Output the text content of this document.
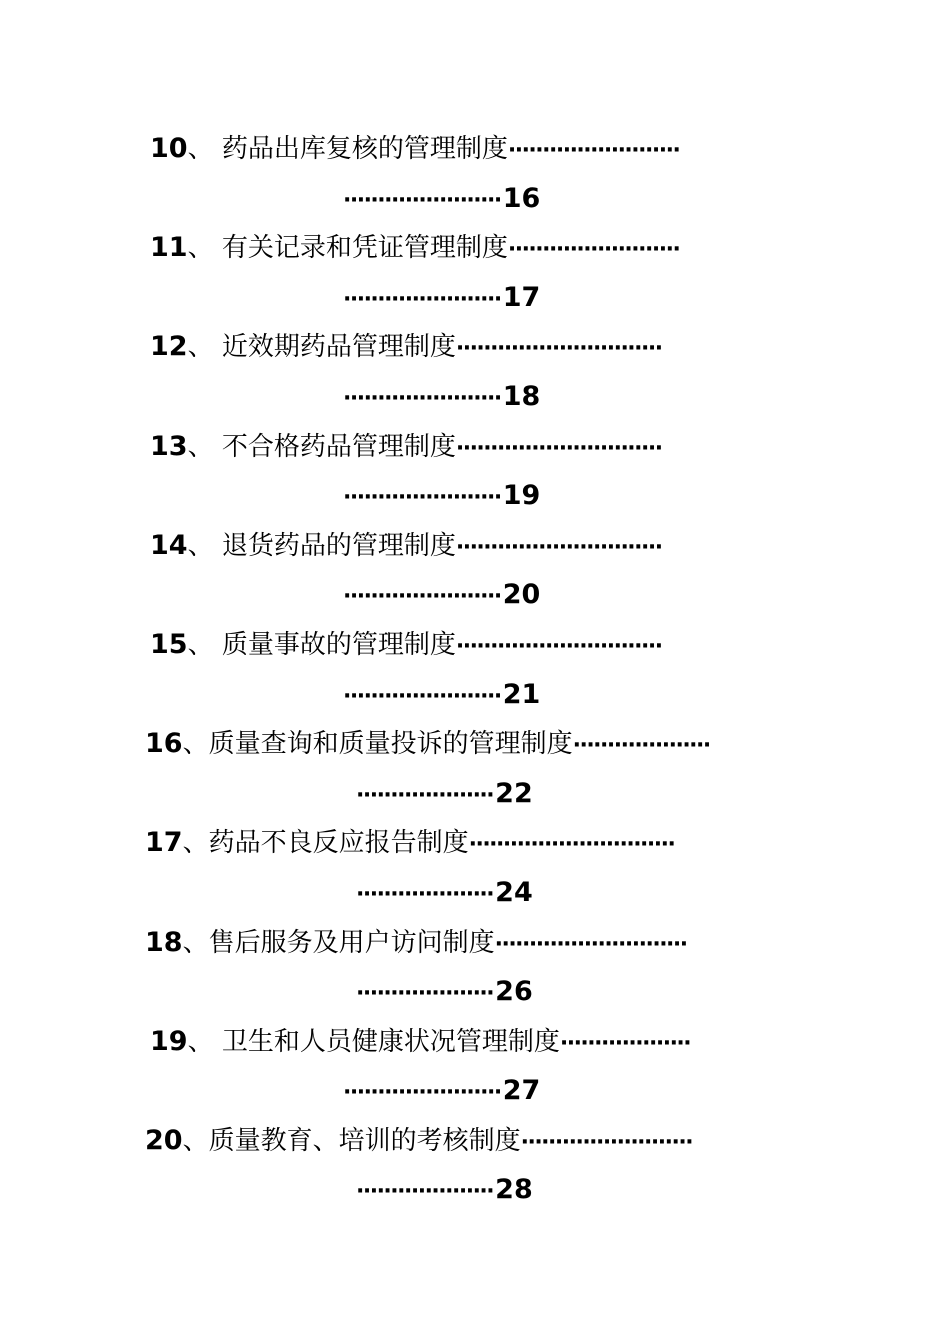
10、 药品出库复核的管理制度·························
·······················16
11、 有关记录和凭证管理制度·························
·······················17
12、 近效期药品管理制度······························
·······················18
13、 不合格药品管理制度······························
·······················19
14、 退货药品的管理制度······························
·······················20
15、 质量事故的管理制度······························
·······················21
16、质量查询和质量投诉的管理制度····················
····················22
17、药品不良反应报告制度······························
····················24
18、售后服务及用户访问制度····························
····················26
19、 卫生和人员健康状况管理制度···················
·······················27
20、质量教育、培训的考核制度·························
····················28
